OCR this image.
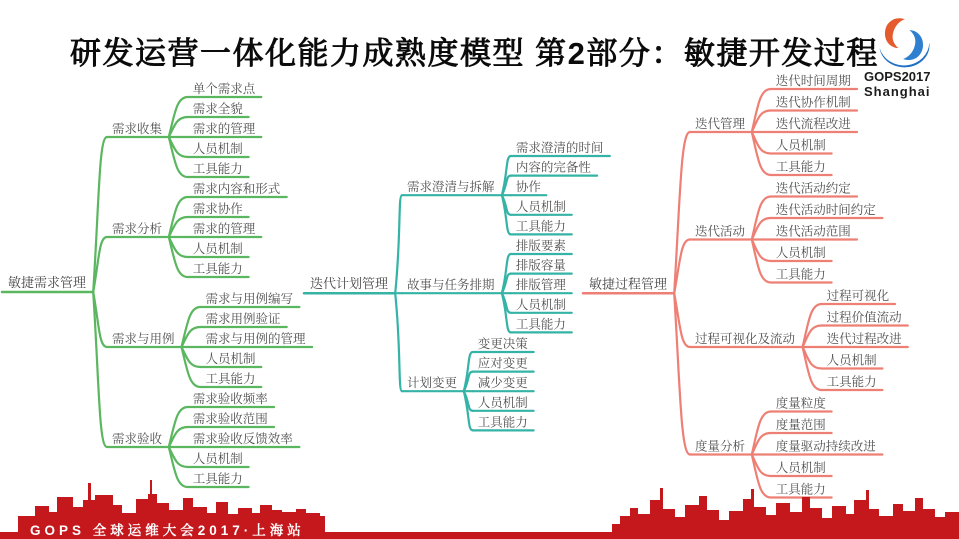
研发运营一体化能力成熟度模型 第2部分：敏捷开发过程
GOPS2017
Shanghai
单个需求点
需求全貌
需求的管理
人员机制
工具能力
需求收集
需求内容和形式
需求协作
需求的管理
人员机制
工具能力
需求分析
需求与用例编写
需求用例验证
需求与用例的管理
人员机制
工具能力
需求与用例
需求验收频率
需求验收范围
需求验收反馈效率
人员机制
工具能力
需求验收
敏捷需求管理
需求澄清的时间
内容的完备性
协作
人员机制
工具能力
需求澄清与拆解
排版要素
排版容量
排版管理
人员机制
工具能力
故事与任务排期
变更决策
应对变更
减少变更
人员机制
工具能力
计划变更
迭代计划管理
迭代时间周期
迭代协作机制
迭代流程改进
人员机制
工具能力
迭代管理
迭代活动约定
迭代活动时间约定
迭代活动范围
人员机制
工具能力
迭代活动
过程可视化
过程价值流动
迭代过程改进
人员机制
工具能力
过程可视化及流动
度量粒度
度量范围
度量驱动持续改进
人员机制
工具能力
度量分析
敏捷过程管理
GOPS 全球运维大会2017·上海站
